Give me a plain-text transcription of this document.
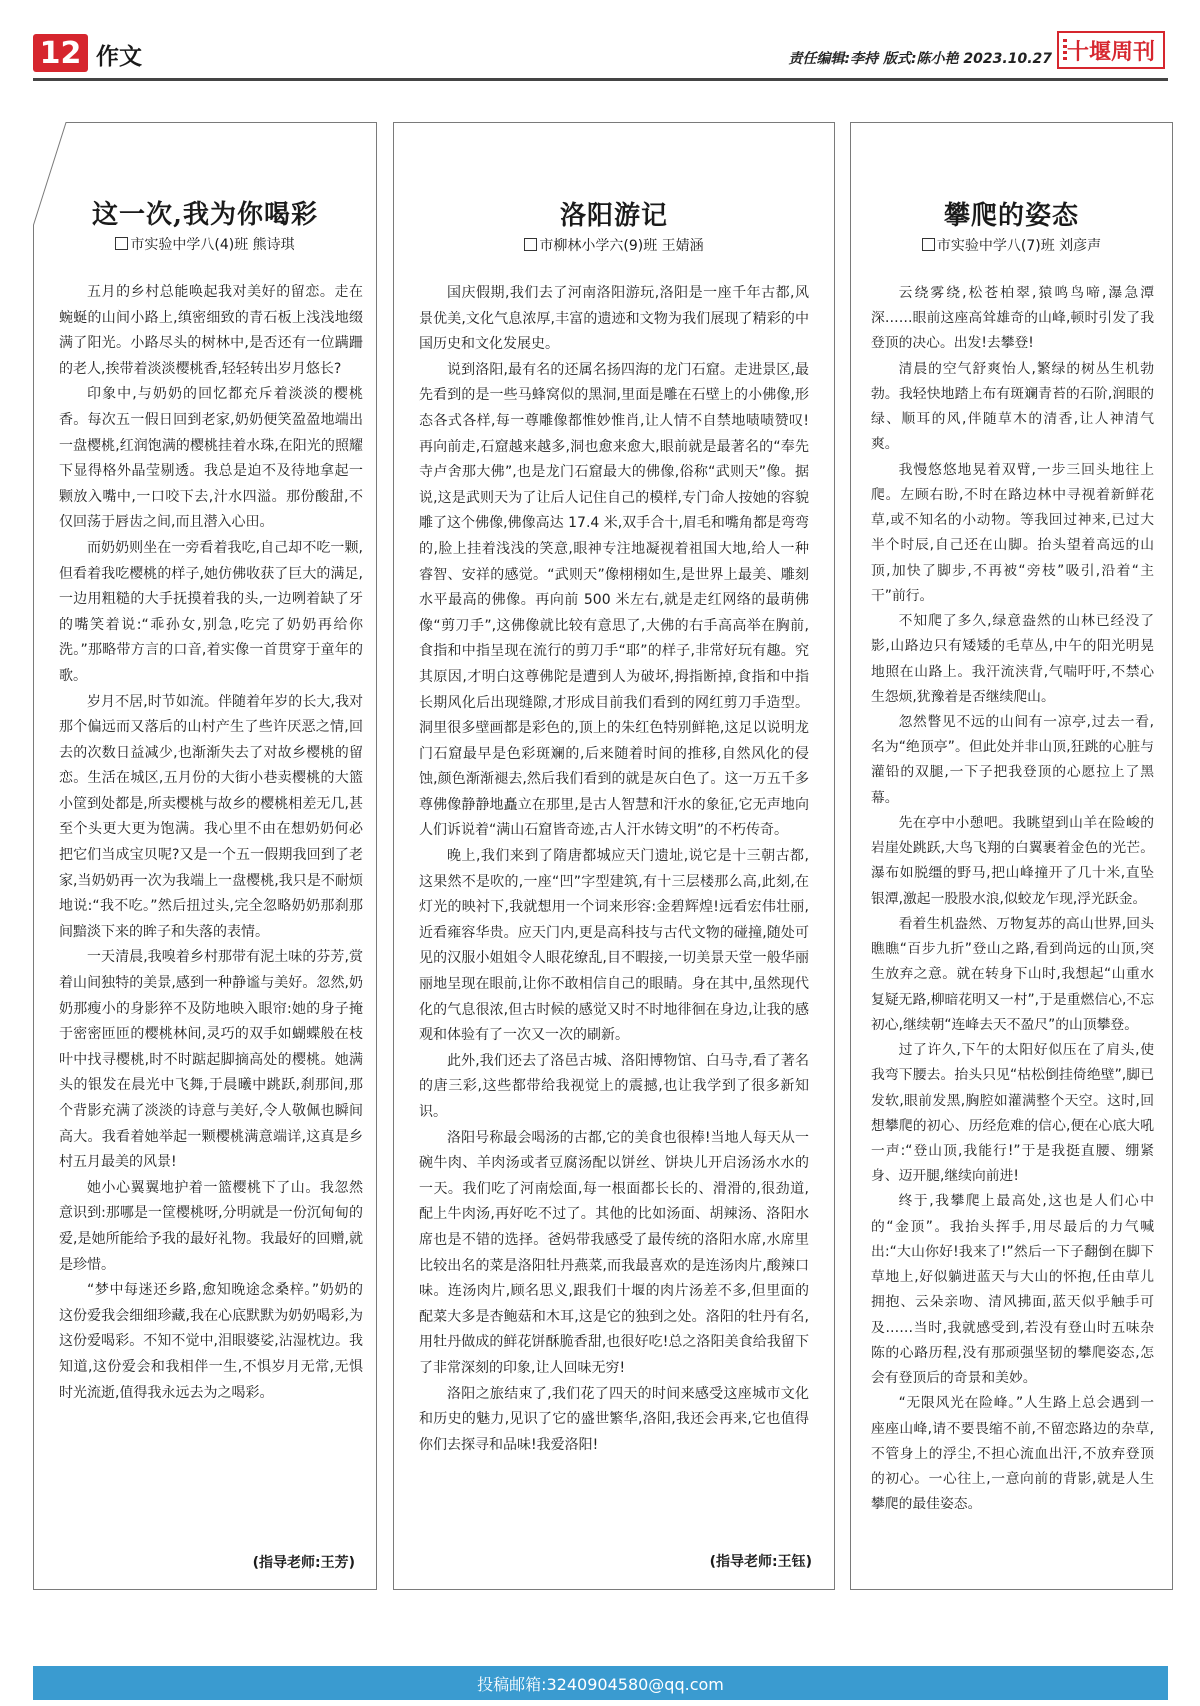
12 作文	责任编辑:李持 版式:陈小艳 2023.10.27 十堰周刊
这一次,我为你喝彩
市实验中学八(4)班 熊诗琪

五月的乡村总能唤起我对美好的留恋。走在蜿蜒的山间小路上,缜密细致的青石板上浅浅地缀满了阳光。小路尽头的树林中,是否还有一位蹒跚的老人,挨带着淡淡樱桃香,轻轻转出岁月悠长?

印象中,与奶奶的回忆都充斥着淡淡的樱桃香。每次五一假日回到老家,奶奶便笑盈盈地端出一盘樱桃,红润饱满的樱桃挂着水珠,在阳光的照耀下显得格外晶莹剔透。我总是迫不及待地拿起一颗放入嘴中,一口咬下去,汁水四溢。那份酸甜,不仅回荡于唇齿之间,而且潜入心田。

而奶奶则坐在一旁看着我吃,自己却不吃一颗,但看着我吃樱桃的样子,她仿佛收获了巨大的满足,一边用粗糙的大手抚摸着我的头,一边咧着缺了牙的嘴笑着说:“乖孙女,别急,吃完了奶奶再给你洗。”那略带方言的口音,着实像一首贯穿于童年的歌。

岁月不居,时节如流。伴随着年岁的长大,我对那个偏远而又落后的山村产生了些许厌恶之情,回去的次数日益减少,也渐渐失去了对故乡樱桃的留恋。生活在城区,五月份的大街小巷卖樱桃的大篮小筐到处都是,所卖樱桃与故乡的樱桃相差无几,甚至个头更大更为饱满。我心里不由在想奶奶何必把它们当成宝贝呢?又是一个五一假期我回到了老家,当奶奶再一次为我端上一盘樱桃,我只是不耐烦地说:“我不吃。”然后扭过头,完全忽略奶奶那刹那间黯淡下来的眸子和失落的表情。

一天清晨,我嗅着乡村那带有泥土味的芬芳,赏着山间独特的美景,感到一种静谧与美好。忽然,奶奶那瘦小的身影猝不及防地映入眼帘:她的身子掩于密密匝匝的樱桃林间,灵巧的双手如蝴蝶般在枝叶中找寻樱桃,时不时踮起脚摘高处的樱桃。她满头的银发在晨光中飞舞,于晨曦中跳跃,刹那间,那个背影充满了淡淡的诗意与美好,令人敬佩也瞬间高大。我看着她举起一颗樱桃满意端详,这真是乡村五月最美的风景!

她小心翼翼地护着一篮樱桃下了山。我忽然意识到:那哪是一筐樱桃呀,分明就是一份沉甸甸的爱,是她所能给予我的最好礼物。我最好的回赠,就是珍惜。

“梦中每迷还乡路,愈知晚途念桑梓。”奶奶的这份爱我会细细珍藏,我在心底默默为奶奶喝彩,为这份爱喝彩。不知不觉中,泪眼婆娑,沾湿枕边。我知道,这份爱会和我相伴一生,不惧岁月无常,无惧时光流逝,值得我永远去为之喝彩。

(指导老师:王芳)
洛阳游记
市柳林小学六(9)班 王婧涵

国庆假期,我们去了河南洛阳游玩,洛阳是一座千年古都,风景优美,文化气息浓厚,丰富的遗迹和文物为我们展现了精彩的中国历史和文化发展史。

说到洛阳,最有名的还属名扬四海的龙门石窟。走进景区,最先看到的是一些马蜂窝似的黑洞,里面是雕在石壁上的小佛像,形态各式各样,每一尊雕像都惟妙惟肖,让人情不自禁地啧啧赞叹!再向前走,石窟越来越多,洞也愈来愈大,眼前就是最著名的“奉先寺卢舍那大佛”,也是龙门石窟最大的佛像,俗称“武则天”像。据说,这是武则天为了让后人记住自己的模样,专门命人按她的容貌雕了这个佛像,佛像高达 17.4 米,双手合十,眉毛和嘴角都是弯弯的,脸上挂着浅浅的笑意,眼神专注地凝视着祖国大地,给人一种睿智、安祥的感觉。“武则天”像栩栩如生,是世界上最美、雕刻水平最高的佛像。再向前 500 米左右,就是走红网络的最萌佛像“剪刀手”,这佛像就比较有意思了,大佛的右手高高举在胸前,食指和中指呈现在流行的剪刀手“耶”的样子,非常好玩有趣。究其原因,才明白这尊佛陀是遭到人为破坏,拇指断掉,食指和中指长期风化后出现缝隙,才形成目前我们看到的网红剪刀手造型。洞里很多壁画都是彩色的,顶上的朱红色特别鲜艳,这足以说明龙门石窟最早是色彩斑斓的,后来随着时间的推移,自然风化的侵蚀,颜色渐渐褪去,然后我们看到的就是灰白色了。这一万五千多尊佛像静静地矗立在那里,是古人智慧和汗水的象征,它无声地向人们诉说着“满山石窟皆奇迹,古人汗水铸文明”的不朽传奇。

晚上,我们来到了隋唐都城应天门遗址,说它是十三朝古都,这果然不是吹的,一座“凹”字型建筑,有十三层楼那么高,此刻,在灯光的映衬下,我就想用一个词来形容:金碧辉煌!远看宏伟壮丽,近看雍容华贵。应天门内,更是高科技与古代文物的碰撞,随处可见的汉服小姐姐令人眼花缭乱,目不暇接,一切美景天堂一般华丽丽地呈现在眼前,让你不敢相信自己的眼睛。身在其中,虽然现代化的气息很浓,但古时候的感觉又时不时地徘徊在身边,让我的感观和体验有了一次又一次的刷新。

此外,我们还去了洛邑古城、洛阳博物馆、白马寺,看了著名的唐三彩,这些都带给我视觉上的震撼,也让我学到了很多新知识。

洛阳号称最会喝汤的古都,它的美食也很棒!当地人每天从一碗牛肉、羊肉汤或者豆腐汤配以饼丝、饼块儿开启汤汤水水的一天。我们吃了河南烩面,每一根面都长长的、滑滑的,很劲道,配上牛肉汤,再好吃不过了。其他的比如汤面、胡辣汤、洛阳水席也是不错的选择。爸妈带我感受了最传统的洛阳水席,水席里比较出名的菜是洛阳牡丹燕菜,而我最喜欢的是连汤肉片,酸辣口味。连汤肉片,顾名思义,跟我们十堰的肉片汤差不多,但里面的配菜大多是杏鲍菇和木耳,这是它的独到之处。洛阳的牡丹有名,用牡丹做成的鲜花饼酥脆香甜,也很好吃!总之洛阳美食给我留下了非常深刻的印象,让人回味无穷!

洛阳之旅结束了,我们花了四天的时间来感受这座城市文化和历史的魅力,见识了它的盛世繁华,洛阳,我还会再来,它也值得你们去探寻和品味!我爱洛阳!

(指导老师:王钰)
攀爬的姿态
市实验中学八(7)班 刘彦声

云绕雾绕,松苍柏翠,猿鸣鸟啼,瀑急潭深……眼前这座高耸雄奇的山峰,顿时引发了我登顶的决心。出发!去攀登!

清晨的空气舒爽怡人,繁绿的树丛生机勃勃。我轻快地踏上布有斑斓青苔的石阶,润眼的绿、顺耳的风,伴随草木的清香,让人神清气爽。

我慢悠悠地晃着双臂,一步三回头地往上爬。左顾右盼,不时在路边林中寻视着新鲜花草,或不知名的小动物。等我回过神来,已过大半个时辰,自己还在山脚。抬头望着高远的山顶,加快了脚步,不再被“旁枝”吸引,沿着“主干”前行。

不知爬了多久,绿意盎然的山林已经没了影,山路边只有矮矮的毛草丛,中午的阳光明晃地照在山路上。我汗流浃背,气喘吁吁,不禁心生怨烦,犹豫着是否继续爬山。

忽然瞥见不远的山间有一凉亭,过去一看,名为“绝顶亭”。但此处并非山顶,狂跳的心脏与灌铅的双腿,一下子把我登顶的心愿拉上了黑幕。

先在亭中小憩吧。我眺望到山羊在险峻的岩崖处跳跃,大鸟飞翔的白翼裹着金色的光芒。瀑布如脱缰的野马,把山峰撞开了几十米,直坠银潭,激起一股股水浪,似蛟龙乍现,浮光跃金。

看着生机盎然、万物复苏的高山世界,回头瞧瞧“百步九折”登山之路,看到尚远的山顶,突生放弃之意。就在转身下山时,我想起“山重水复疑无路,柳暗花明又一村”,于是重燃信心,不忘初心,继续朝“连峰去天不盈尺”的山顶攀登。

过了许久,下午的太阳好似压在了肩头,使我弯下腰去。抬头只见“枯松倒挂倚绝壁”,脚已发软,眼前发黑,胸腔如灌满整个天空。这时,回想攀爬的初心、历经危难的信心,便在心底大吼一声:“登山顶,我能行!”于是我挺直腰、绷紧身、迈开腿,继续向前进!

终于,我攀爬上最高处,这也是人们心中的“金顶”。我抬头挥手,用尽最后的力气喊出:“大山你好!我来了!”然后一下子翻倒在脚下草地上,好似躺进蓝天与大山的怀抱,任由草儿拥抱、云朵亲吻、清风拂面,蓝天似乎触手可及……当时,我就感受到,若没有登山时五味杂陈的心路历程,没有那顽强坚韧的攀爬姿态,怎会有登顶后的奇景和美妙。

“无限风光在险峰。”人生路上总会遇到一座座山峰,请不要畏缩不前,不留恋路边的杂草,不管身上的浮尘,不担心流血出汗,不放弃登顶的初心。一心往上,一意向前的背影,就是人生攀爬的最佳姿态。

投稿邮箱:3240904580@qq.com
